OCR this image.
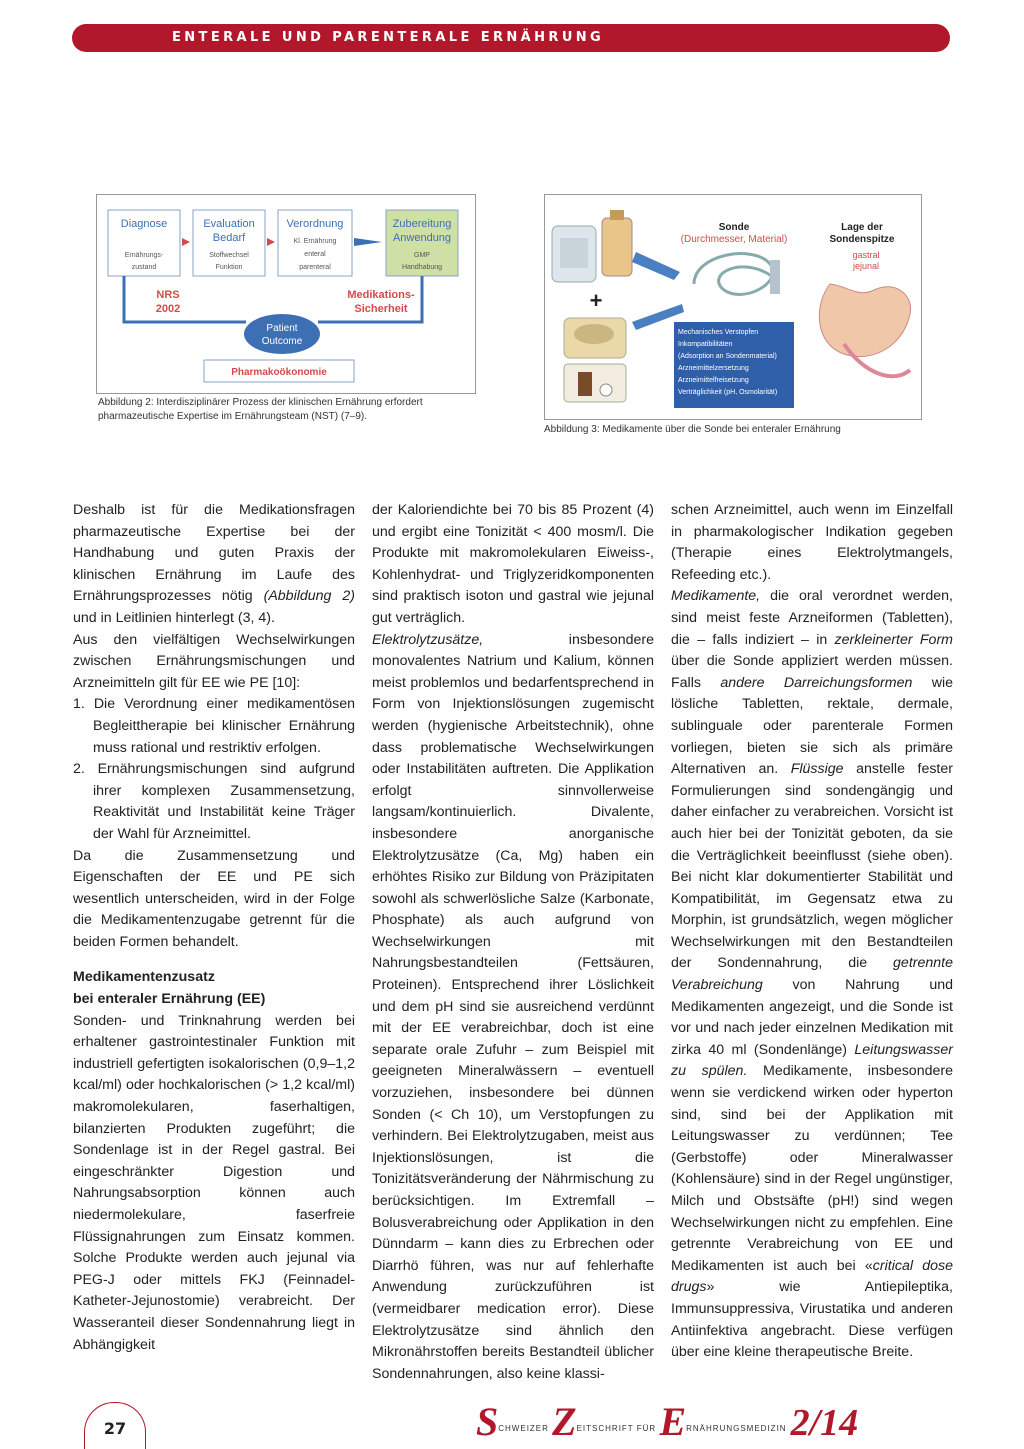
ENTERALE UND PARENTERALE ERNÄHRUNG
Diagnose
Ernährungs-
zustand
Evaluation
Bedarf
Stoffwechsel
Funktion
Verordnung
Kl. Ernährung
enteral
parenteral
Zubereitung
Anwendung
GMP
Handhabung
NRS
2002
Medikations-
Sicherheit
Patient
Outcome
Pharmakoökonomie
Abbildung 2: Interdisziplinärer Prozess der klinischen Ernährung erfordert pharmazeutische Expertise im Ernährungsteam (NST) (7–9).
+
Sonde
(Durchmesser, Material)
Lage der
Sondenspitze
gastral
jejunal
Mechanisches Verstopfen
Inkompatibilitäten
(Adsorption an Sondenmaterial)
Arzneimittelzersetzung
Arzneimittelfreisetzung
Verträglichkeit (pH, Osmolarität)
Abbildung 3: Medikamente über die Sonde bei enteraler Ernährung

Deshalb ist für die Medikationsfragen pharmazeutische Expertise bei der Handhabung und guten Praxis der klinischen Ernährung im Laufe des Ernährungsprozesses nötig (Abbildung 2) und in Leitlinien hinterlegt (3, 4).

Aus den vielfältigen Wechselwirkungen zwischen Ernährungsmischungen und Arzneimitteln gilt für EE wie PE [10]:

1. Die Verordnung einer medikamentösen Begleittherapie bei klinischer Ernährung muss rational und restriktiv erfolgen.

2. Ernährungsmischungen sind aufgrund ihrer komplexen Zusammensetzung, Reaktivität und Instabilität keine Träger der Wahl für Arzneimittel.

Da die Zusammensetzung und Eigenschaften der EE und PE sich wesentlich unterscheiden, wird in der Folge die Medikamentenzugabe getrennt für die beiden Formen behandelt.

Medikamentenzusatz
bei enteraler Ernährung (EE)

Sonden- und Trinknahrung werden bei erhaltener gastrointestinaler Funktion mit industriell gefertigten isokalorischen (0,9–1,2 kcal/ml) oder hochkalorischen (> 1,2 kcal/ml) makromolekularen, faserhaltigen, bilanzierten Produkten zugeführt; die Sondenlage ist in der Regel gastral. Bei eingeschränkter Digestion und Nahrungsabsorption können auch niedermolekulare, faserfreie Flüssignahrungen zum Einsatz kommen. Solche Produkte werden auch jejunal via PEG-J oder mittels FKJ (Feinnadel-Katheter-Jejunostomie) verabreicht. Der Wasseranteil dieser Sondennahrung liegt in Abhängigkeit

der Kaloriendichte bei 70 bis 85 Prozent (4) und ergibt eine Tonizität < 400 mosm/l. Die Produkte mit makromolekularen Eiweiss-, Kohlenhydrat- und Triglyzeridkomponenten sind praktisch isoton und gastral wie jejunal gut verträglich.

Elektrolytzusätze, insbesondere monovalentes Natrium und Kalium, können meist problemlos und bedarfentsprechend in Form von Injektionslösungen zugemischt werden (hygienische Arbeitstechnik), ohne dass problematische Wechselwirkungen oder Instabilitäten auftreten. Die Applikation erfolgt sinnvollerweise langsam/kontinuierlich. Divalente, insbesondere anorganische Elektrolytzusätze (Ca, Mg) haben ein erhöhtes Risiko zur Bildung von Präzipitaten sowohl als schwerlösliche Salze (Karbonate, Phosphate) als auch aufgrund von Wechselwirkungen mit Nahrungsbestandteilen (Fettsäuren, Proteinen). Entsprechend ihrer Löslichkeit und dem pH sind sie ausreichend verdünnt mit der EE verabreichbar, doch ist eine separate orale Zufuhr – zum Beispiel mit geeigneten Mineralwässern – eventuell vorzuziehen, insbesondere bei dünnen Sonden (< Ch 10), um Verstopfungen zu verhindern. Bei Elektrolytzugaben, meist aus Injektionslösungen, ist die Tonizitätsveränderung der Nährmischung zu berücksichtigen. Im Extremfall – Bolusverabreichung oder Applikation in den Dünndarm – kann dies zu Erbrechen oder Diarrhö führen, was nur auf fehlerhafte Anwendung zurückzuführen ist (vermeidbarer medication error). Diese Elektrolytzusätze sind ähnlich den Mikronährstoffen bereits Bestandteil üblicher Sondennahrungen, also keine klassi-

schen Arzneimittel, auch wenn im Einzelfall in pharmakologischer Indikation gegeben (Therapie eines Elektrolytmangels, Refeeding etc.).

Medikamente, die oral verordnet werden, sind meist feste Arzneiformen (Tabletten), die – falls indiziert – in zerkleinerter Form über die Sonde appliziert werden müssen. Falls andere Darreichungsformen wie lösliche Tabletten, rektale, dermale, sublinguale oder parenterale Formen vorliegen, bieten sie sich als primäre Alternativen an. Flüssige anstelle fester Formulierungen sind sondengängig und daher einfacher zu verabreichen. Vorsicht ist auch hier bei der Tonizität geboten, da sie die Verträglichkeit beeinflusst (siehe oben). Bei nicht klar dokumentierter Stabilität und Kompatibilität, im Gegensatz etwa zu Morphin, ist grundsätzlich, wegen möglicher Wechselwirkungen mit den Bestandteilen der Sondennahrung, die getrennte Verabreichung von Nahrung und Medikamenten angezeigt, und die Sonde ist vor und nach jeder einzelnen Medikation mit zirka 40 ml (Sondenlänge) Leitungswasser zu spülen. Medikamente, insbesondere wenn sie verdickend wirken oder hyperton sind, sind bei der Applikation mit Leitungswasser zu verdünnen; Tee (Gerbstoffe) oder Mineralwasser (Kohlensäure) sind in der Regel ungünstiger, Milch und Obstsäfte (pH!) sind wegen Wechselwirkungen nicht zu empfehlen. Eine getrennte Verabreichung von EE und Medikamenten ist auch bei «critical dose drugs» wie Antiepileptika, Immunsuppressiva, Virustatika und anderen Antiinfektiva angebracht. Diese verfügen über eine kleine therapeutische Breite.

27	$S^{CHWEIZER}$ $Z^{EITSCHRIFT FÜR}$ $E^{RNÄHRUNGSMEDIZIN}$ 2/14
